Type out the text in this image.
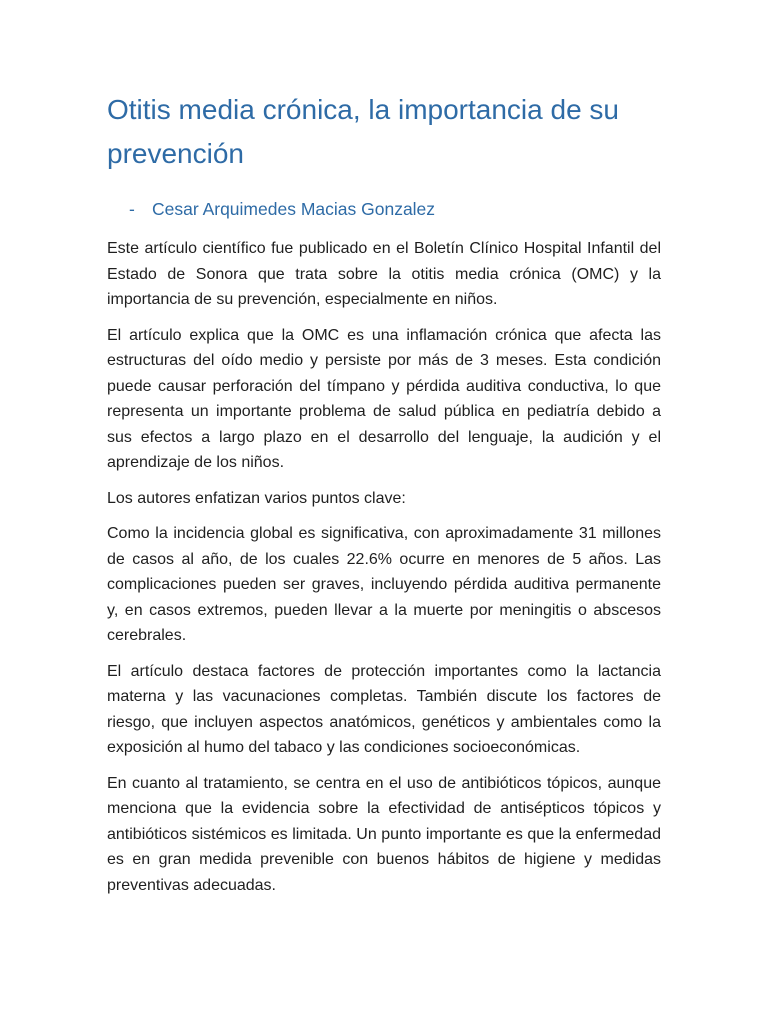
Otitis media crónica, la importancia de su prevención
- Cesar Arquimedes Macias Gonzalez

Este artículo científico fue publicado en el Boletín Clínico Hospital Infantil del Estado de Sonora que trata sobre la otitis media crónica (OMC) y la importancia de su prevención, especialmente en niños.

El artículo explica que la OMC es una inflamación crónica que afecta las estructuras del oído medio y persiste por más de 3 meses. Esta condición puede causar perforación del tímpano y pérdida auditiva conductiva, lo que representa un importante problema de salud pública en pediatría debido a sus efectos a largo plazo en el desarrollo del lenguaje, la audición y el aprendizaje de los niños.

Los autores enfatizan varios puntos clave:

Como la incidencia global es significativa, con aproximadamente 31 millones de casos al año, de los cuales 22.6% ocurre en menores de 5 años. Las complicaciones pueden ser graves, incluyendo pérdida auditiva permanente y, en casos extremos, pueden llevar a la muerte por meningitis o abscesos cerebrales.

El artículo destaca factores de protección importantes como la lactancia materna y las vacunaciones completas. También discute los factores de riesgo, que incluyen aspectos anatómicos, genéticos y ambientales como la exposición al humo del tabaco y las condiciones socioeconómicas.

En cuanto al tratamiento, se centra en el uso de antibióticos tópicos, aunque menciona que la evidencia sobre la efectividad de antisépticos tópicos y antibióticos sistémicos es limitada. Un punto importante es que la enfermedad es en gran medida prevenible con buenos hábitos de higiene y medidas preventivas adecuadas.
